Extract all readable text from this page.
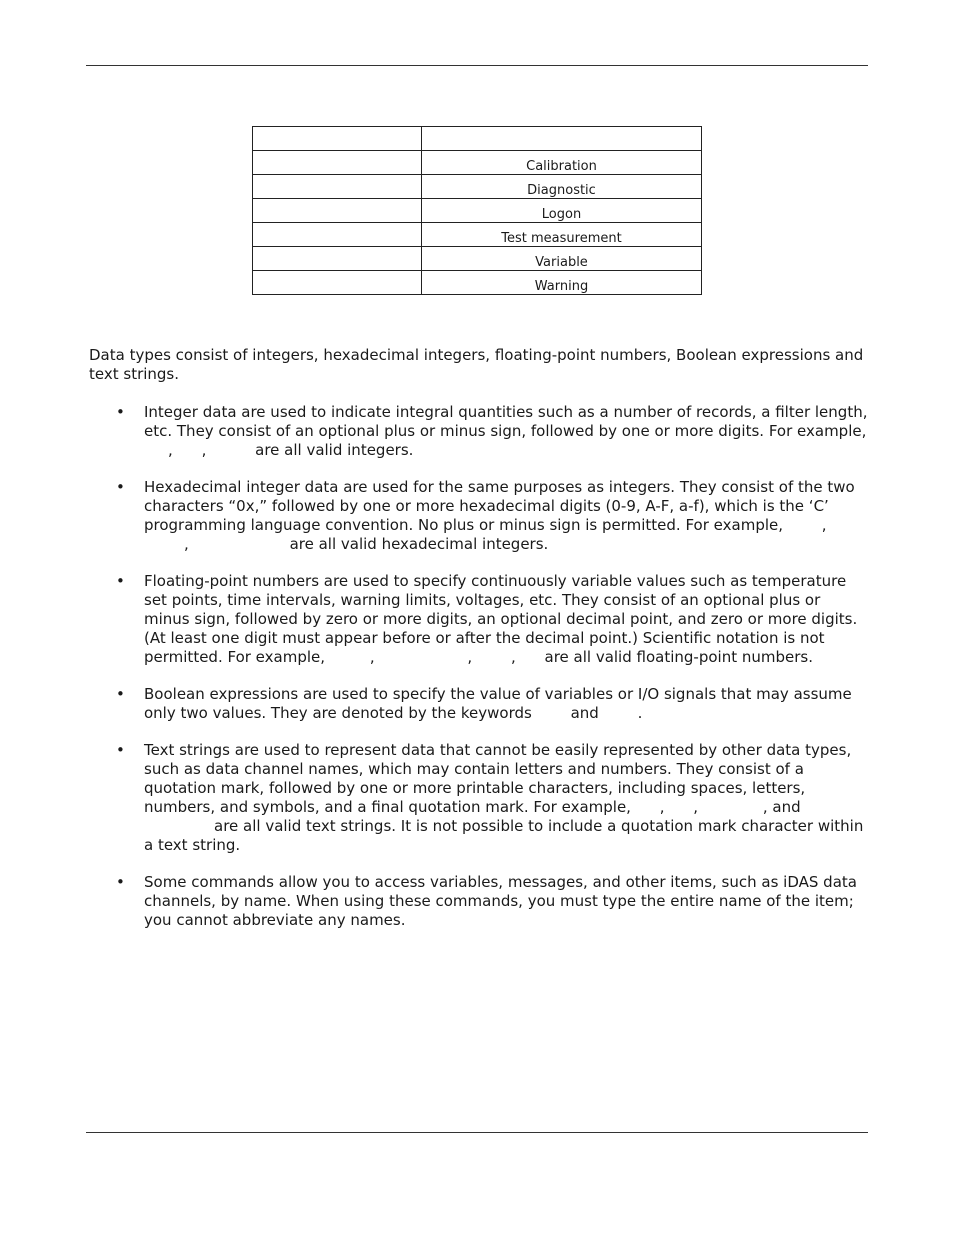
	Calibration
	Diagnostic
	Logon
	Test measurement
	Variable
	Warning

Data types consist of integers, hexadecimal integers, floating-point numbers, Boolean expressions and text strings.

• Integer data are used to indicate integral quantities such as a number of records, a filter length, etc. They consist of an optional plus or minus sign, followed by one or more digits. For example, , ,	are all valid integers.
• Hexadecimal integer data are used for the same purposes as integers. They consist of the two characters “0x,” followed by one or more hexadecimal digits (0-9, A-F, a-f), which is the ‘C’ programming language convention. No plus or minus sign is permitted. For example,	, ,	are all valid hexadecimal integers.
• Floating-point numbers are used to specify continuously variable values such as temperature set points, time intervals, warning limits, voltages, etc. They consist of an optional plus or minus sign, followed by zero or more digits, an optional decimal point, and zero or more digits. (At least one digit must appear before or after the decimal point.) Scientific notation is not permitted. For example,	,	,	, are all valid floating-point numbers.
• Boolean expressions are used to specify the value of variables or I/O signals that may assume only two values. They are denoted by the keywords	and	.
• Text strings are used to represent data that cannot be easily represented by other data types, such as data channel names, which may contain letters and numbers. They consist of a quotation mark, followed by one or more printable characters, including spaces, letters, numbers, and symbols, and a final quotation mark. For example, , ,	, and are all valid text strings. It is not possible to include a quotation mark character within a text string.
• Some commands allow you to access variables, messages, and other items, such as iDAS data channels, by name. When using these commands, you must type the entire name of the item; you cannot abbreviate any names.
